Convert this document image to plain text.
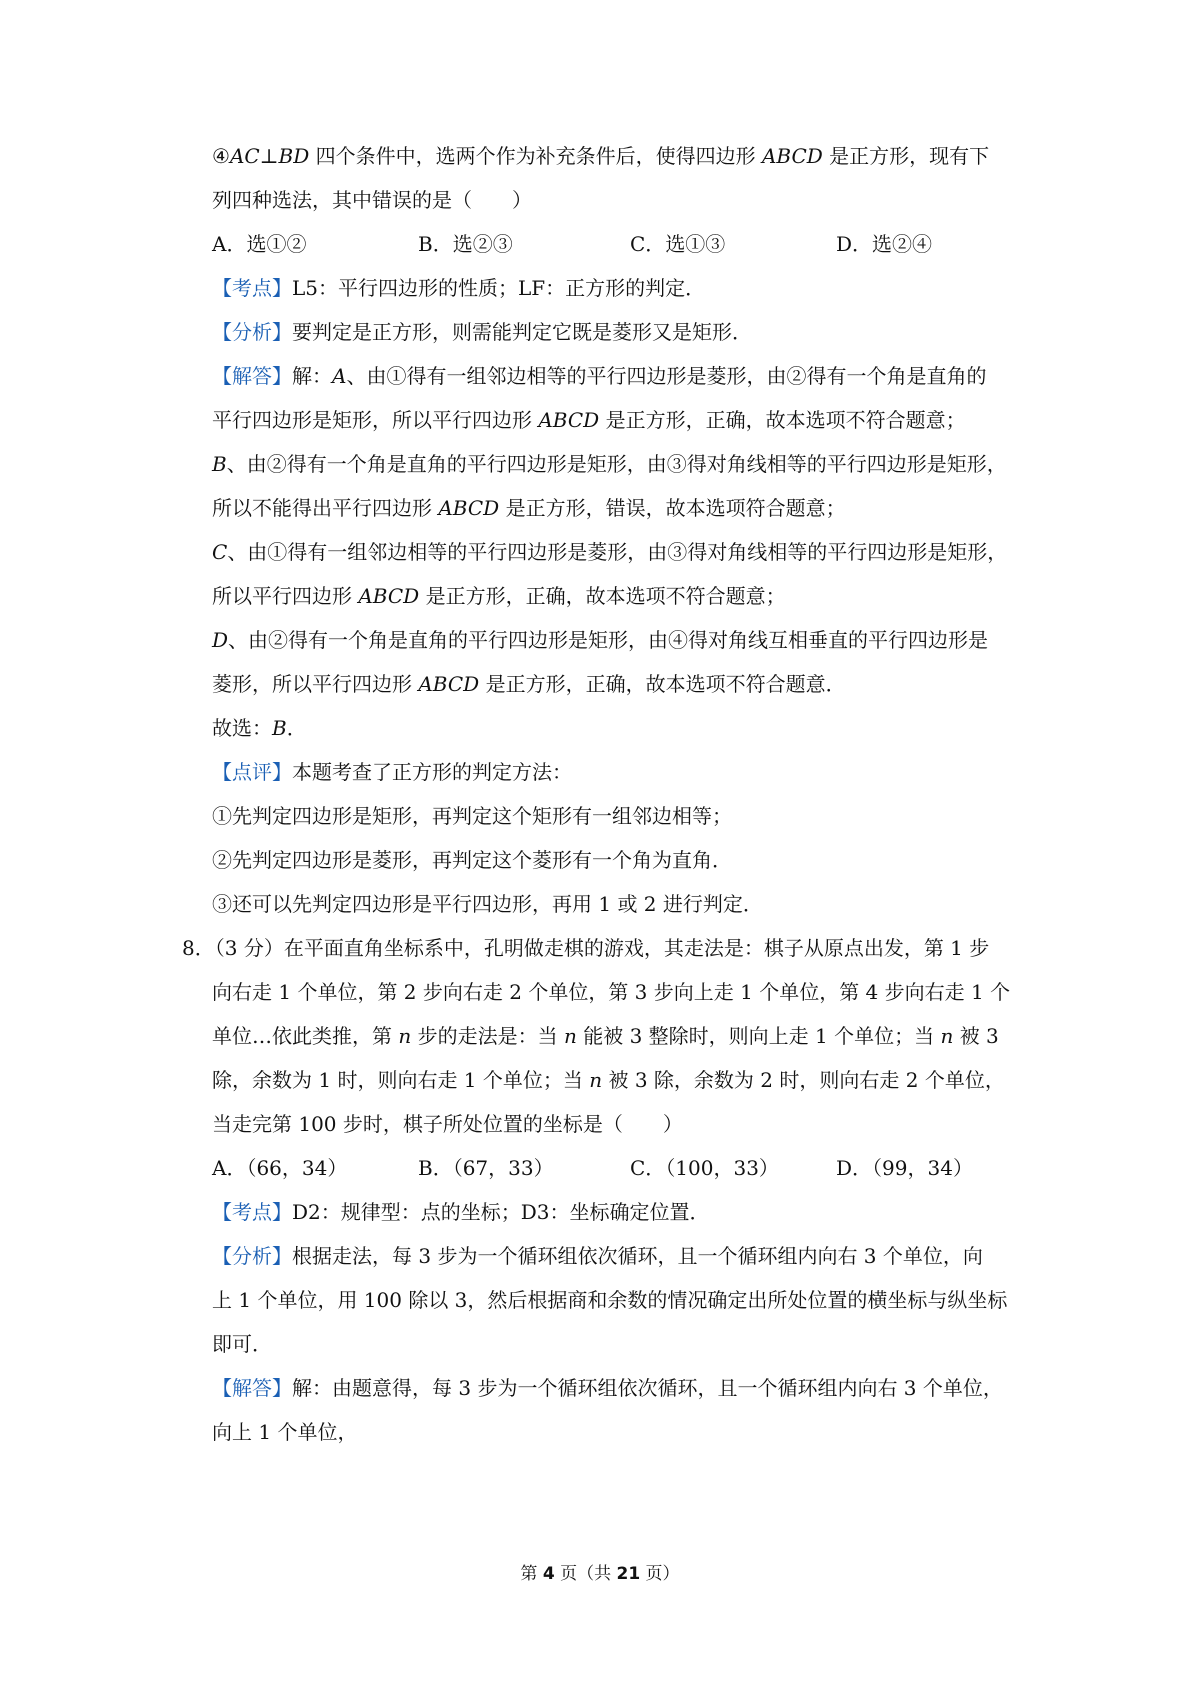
④AC⊥BD 四个条件中，选两个作为补充条件后，使得四边形 ABCD 是正方形，现有下
列四种选法，其中错误的是（　　）
A．选①②	B．选②③	C．选①③	D．选②④
【考点】L5：平行四边形的性质；LF：正方形的判定．
【分析】要判定是正方形，则需能判定它既是菱形又是矩形．
【解答】解：A、由①得有一组邻边相等的平行四边形是菱形，由②得有一个角是直角的
平行四边形是矩形，所以平行四边形 ABCD 是正方形，正确，故本选项不符合题意；
B、由②得有一个角是直角的平行四边形是矩形，由③得对角线相等的平行四边形是矩形，
所以不能得出平行四边形 ABCD 是正方形，错误，故本选项符合题意；
C、由①得有一组邻边相等的平行四边形是菱形，由③得对角线相等的平行四边形是矩形，
所以平行四边形 ABCD 是正方形，正确，故本选项不符合题意；
D、由②得有一个角是直角的平行四边形是矩形，由④得对角线互相垂直的平行四边形是
菱形，所以平行四边形 ABCD 是正方形，正确，故本选项不符合题意．
故选：B．
【点评】本题考查了正方形的判定方法：
①先判定四边形是矩形，再判定这个矩形有一组邻边相等；
②先判定四边形是菱形，再判定这个菱形有一个角为直角．
③还可以先判定四边形是平行四边形，再用 1 或 2 进行判定．
8．（3 分）在平面直角坐标系中，孔明做走棋的游戏，其走法是：棋子从原点出发，第 1 步
向右走 1 个单位，第 2 步向右走 2 个单位，第 3 步向上走 1 个单位，第 4 步向右走 1 个
单位…依此类推，第 n 步的走法是：当 n 能被 3 整除时，则向上走 1 个单位；当 n 被 3
除，余数为 1 时，则向右走 1 个单位；当 n 被 3 除，余数为 2 时，则向右走 2 个单位，
当走完第 100 步时，棋子所处位置的坐标是（　　）
A．（66，34）	B．（67，33）	C．（100，33）	D．（99，34）
【考点】D2：规律型：点的坐标；D3：坐标确定位置．
【分析】根据走法，每 3 步为一个循环组依次循环，且一个循环组内向右 3 个单位，向
上 1 个单位，用 100 除以 3，然后根据商和余数的情况确定出所处位置的横坐标与纵坐标
即可．
【解答】解：由题意得，每 3 步为一个循环组依次循环，且一个循环组内向右 3 个单位，
向上 1 个单位，
第 4 页（共 21 页）
